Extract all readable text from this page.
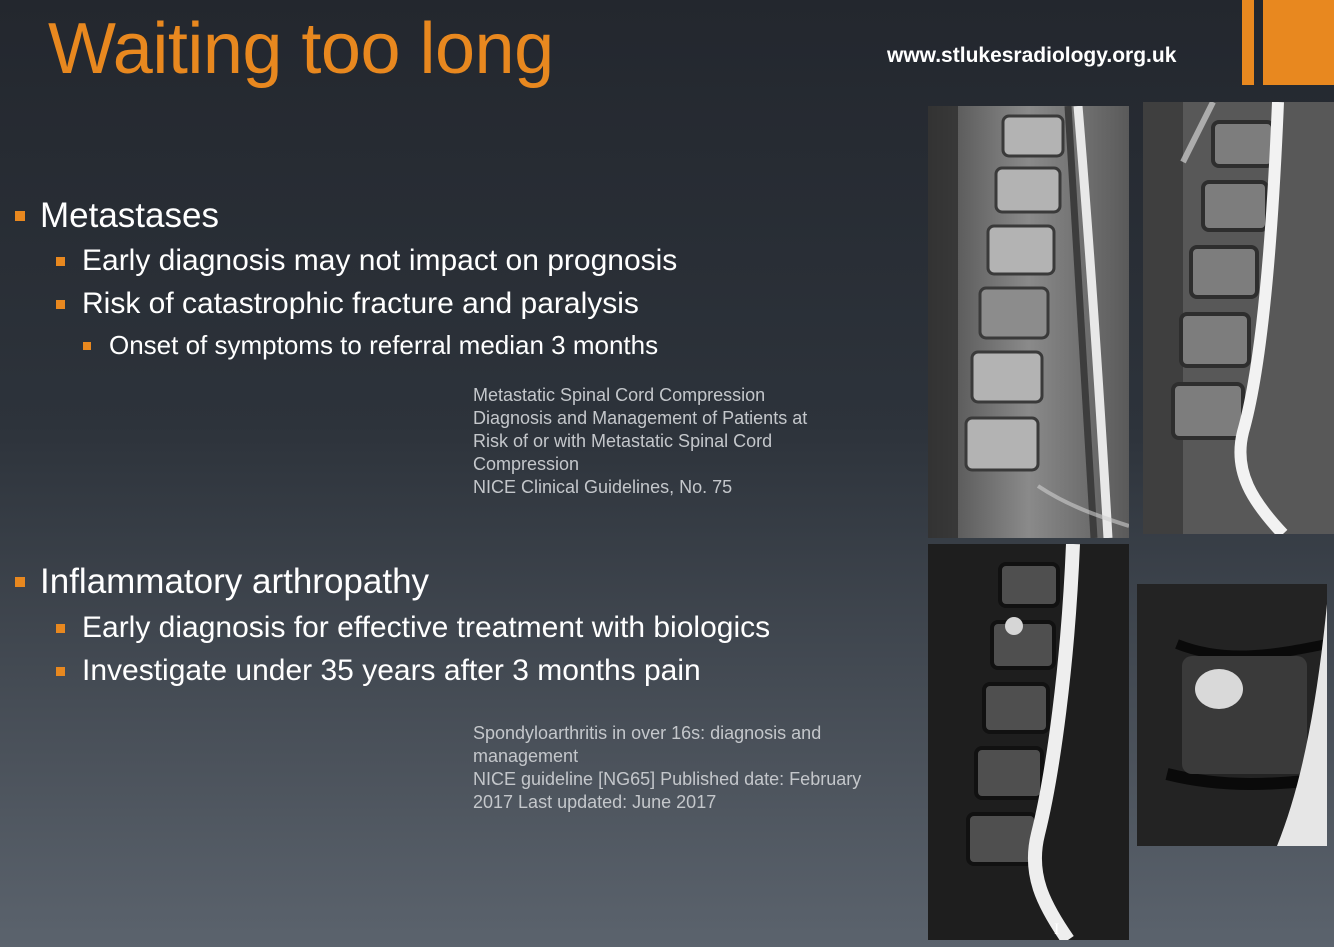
Waiting too long	www.stlukesradiology.org.uk
Metastases
Early diagnosis may not impact on prognosis
Risk of catastrophic fracture and paralysis
Onset of symptoms to referral median 3 months
Metastatic Spinal Cord Compression
Diagnosis and Management of Patients at
Risk of or with Metastatic Spinal Cord
Compression
NICE Clinical Guidelines, No. 75
Inflammatory arthropathy
Early diagnosis for effective treatment with biologics
Investigate under 35 years after 3 months pain
Spondyloarthritis in over 16s: diagnosis and
management
NICE guideline [NG65] Published date: February
2017 Last updated: June 2017
I
